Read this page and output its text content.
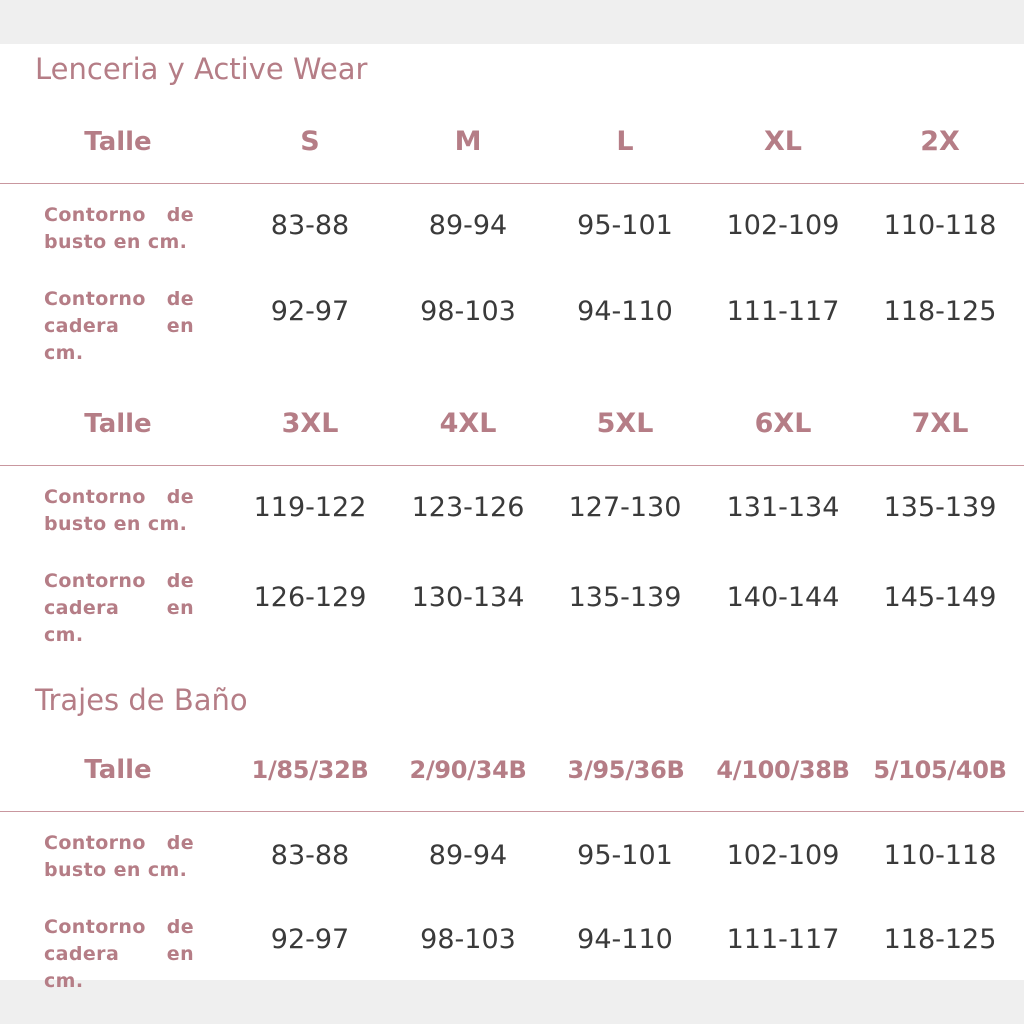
Lenceria y Active Wear
Talle	S	M	L	XL	2X
Contorno de busto en cm.
83-88	89-94	95-101 102-109 110-118
Contorno de cadera en cm.
92-97	98-103 94-110 111-117 118-125
Talle	3XL	4XL	5XL	6XL	7XL
Contorno de busto en cm.
119-122 123-126 127-130 131-134 135-139
Contorno de cadera en cm.
126-129 130-134 135-139 140-144 145-149
Trajes de Baño
Talle	1/85/32B 2/90/34B 3/95/36B 4/100/38B 5/105/40B
Contorno de busto en cm.	83-88	89-94	95-101 102-109 110-118
Contorno de cadera en cm.
92-97	98-103 94-110 111-117 118-125
